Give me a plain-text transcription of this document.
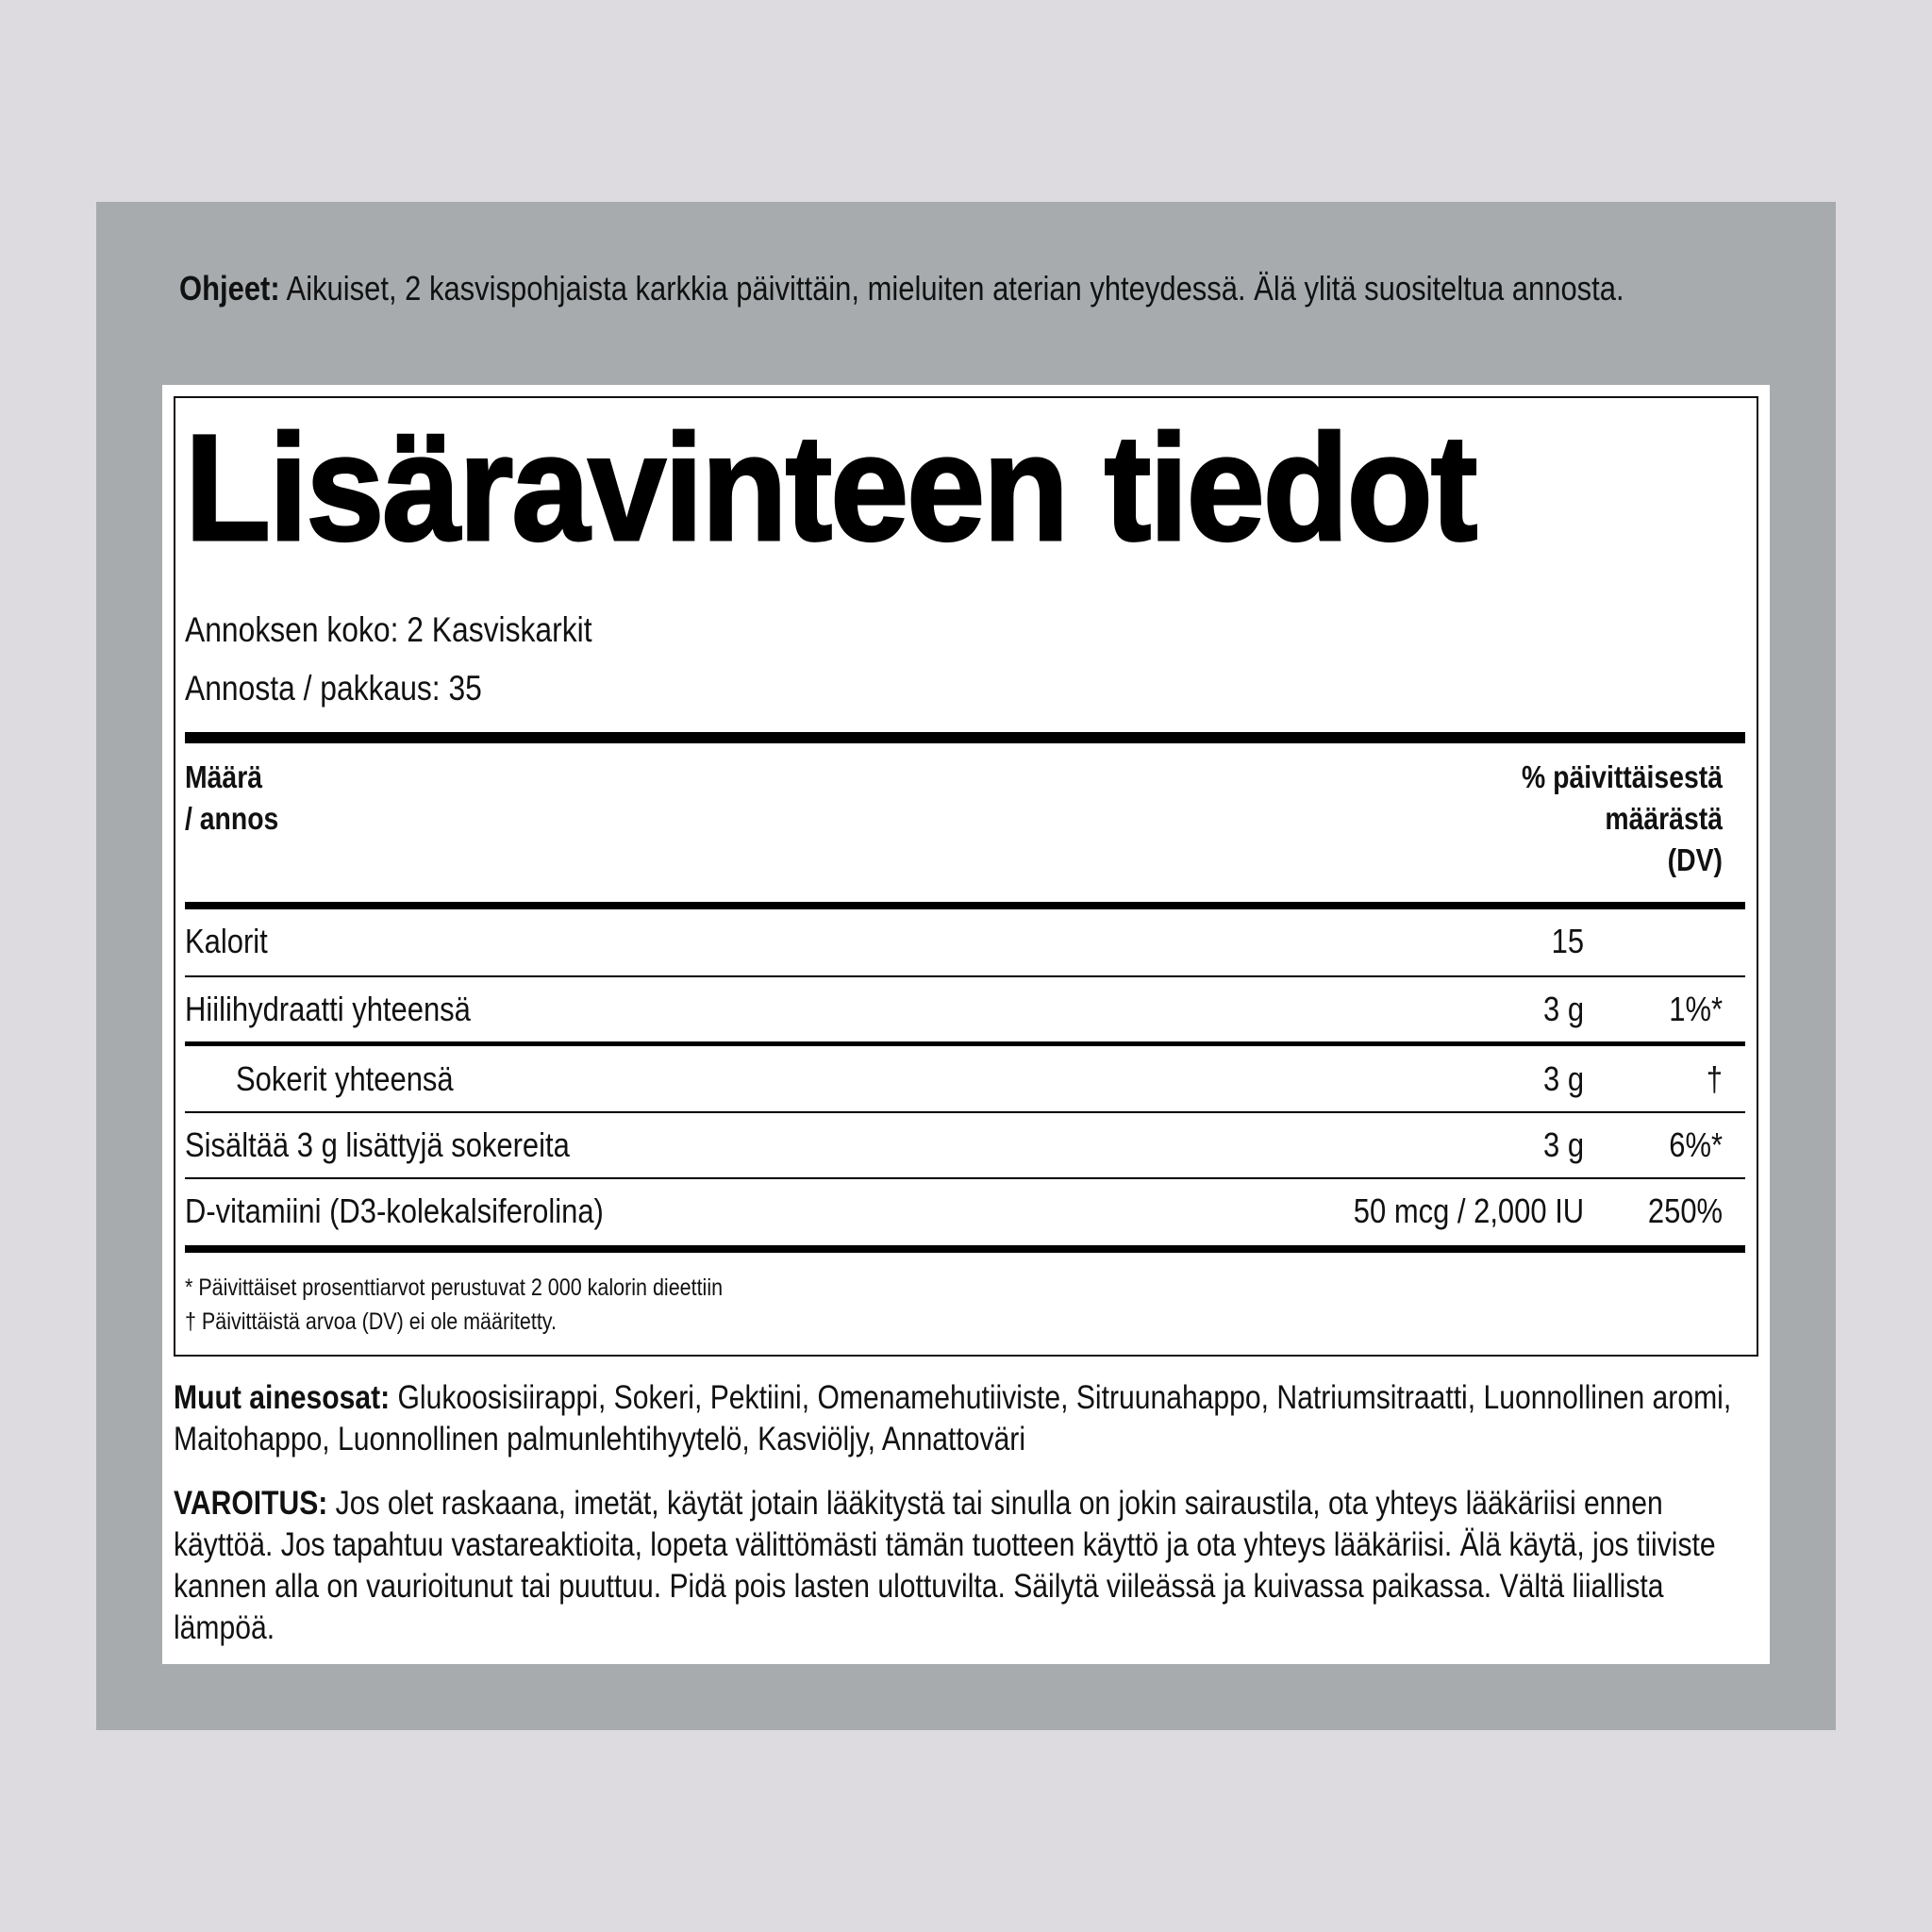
Ohjeet: Aikuiset, 2 kasvispohjaista karkkia päivittäin, mieluiten aterian yhteydessä. Älä ylitä suositeltua annosta.
Lisäravinteen tiedot
Annoksen koko: 2 Kasviskarkit
Annosta / pakkaus: 35
Määrä
/ annos
% päivittäisestä
määrästä
(DV)
Kalorit	15
Hiilihydraatti yhteensä	3 g	1%*
Sokerit yhteensä	3 g	†
Sisältää 3 g lisättyjä sokereita	3 g	6%*
D-vitamiini (D3-kolekalsiferolina)	50 mcg / 2,000 IU 250%
* Päivittäiset prosenttiarvot perustuvat 2 000 kalorin dieettiin
† Päivittäistä arvoa (DV) ei ole määritetty.
Muut ainesosat: Glukoosisiirappi, Sokeri, Pektiini, Omenamehutiiviste, Sitruunahappo, Natriumsitraatti, Luonnollinen aromi, Maitohappo, Luonnollinen palmunlehtihyytelö, Kasviöljy, Annattoväri
VAROITUS: Jos olet raskaana, imetät, käytät jotain lääkitystä tai sinulla on jokin sairaustila, ota yhteys lääkäriisi ennen käyttöä. Jos tapahtuu vastareaktioita, lopeta välittömästi tämän tuotteen käyttö ja ota yhteys lääkäriisi. Älä käytä, jos tiiviste kannen alla on vaurioitunut tai puuttuu. Pidä pois lasten ulottuvilta. Säilytä viileässä ja kuivassa paikassa. Vältä liiallista lämpöä.
